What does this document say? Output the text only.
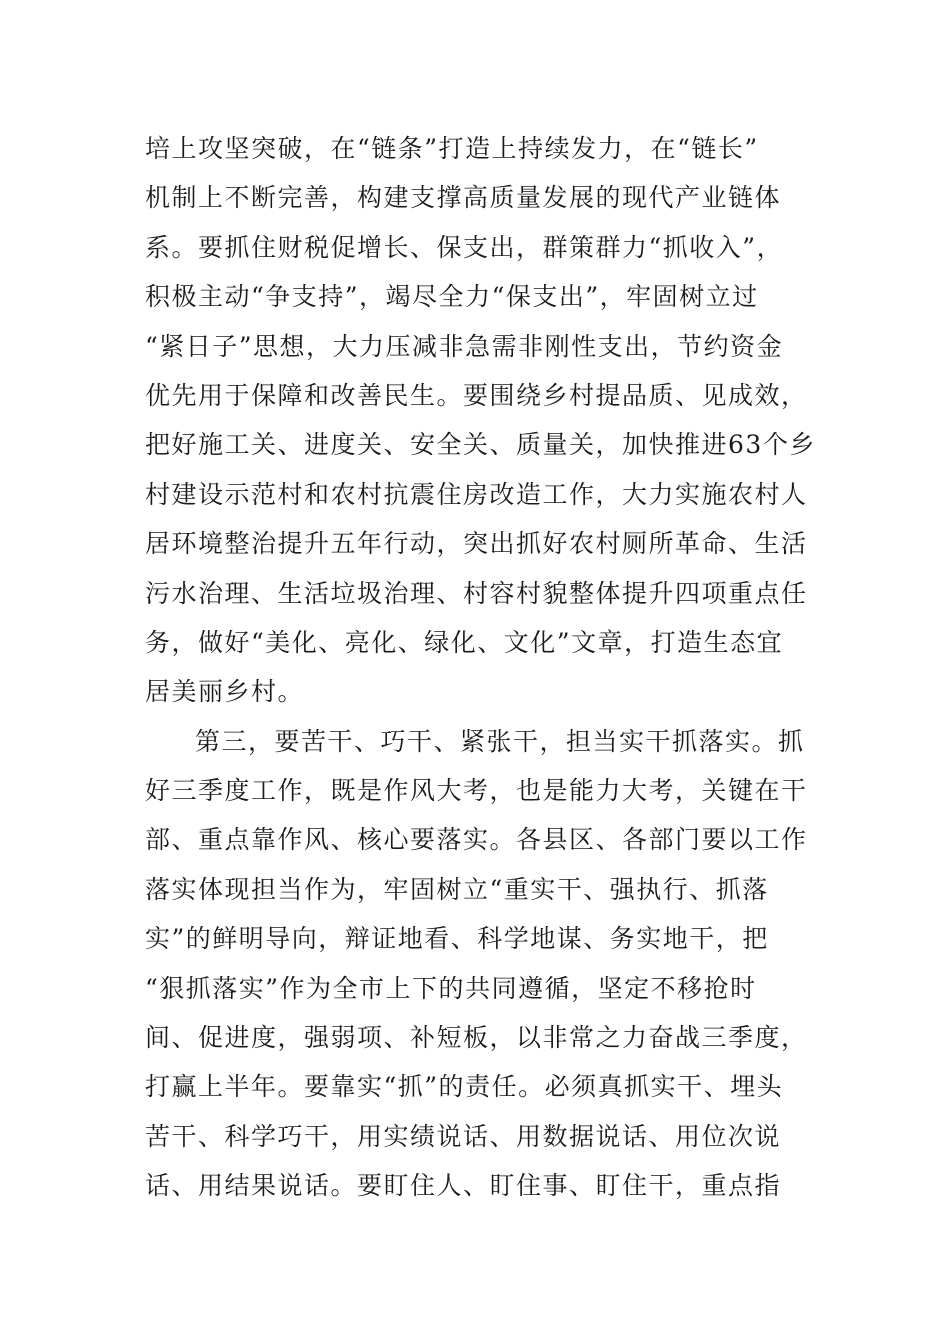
培上攻坚突破，在“链条”打造上持续发力，在“链长”
机制上不断完善，构建支撑高质量发展的现代产业链体
系。要抓住财税促增长、保支出，群策群力“抓收入”，
积极主动“争支持”，竭尽全力“保支出”，牢固树立过
“紧日子”思想，大力压减非急需非刚性支出，节约资金
优先用于保障和改善民生。要围绕乡村提品质、见成效，
把好施工关、进度关、安全关、质量关，加快推进63个乡
村建设示范村和农村抗震住房改造工作，大力实施农村人
居环境整治提升五年行动，突出抓好农村厕所革命、生活
污水治理、生活垃圾治理、村容村貌整体提升四项重点任
务，做好“美化、亮化、绿化、文化”文章，打造生态宜
居美丽乡村。
第三，要苦干、巧干、紧张干，担当实干抓落实。抓
好三季度工作，既是作风大考，也是能力大考，关键在干
部、重点靠作风、核心要落实。各县区、各部门要以工作
落实体现担当作为，牢固树立“重实干、强执行、抓落
实”的鲜明导向，辩证地看、科学地谋、务实地干，把
“狠抓落实”作为全市上下的共同遵循，坚定不移抢时
间、促进度，强弱项、补短板，以非常之力奋战三季度，
打赢上半年。要靠实“抓”的责任。必须真抓实干、埋头
苦干、科学巧干，用实绩说话、用数据说话、用位次说
话、用结果说话。要盯住人、盯住事、盯住干，重点指
